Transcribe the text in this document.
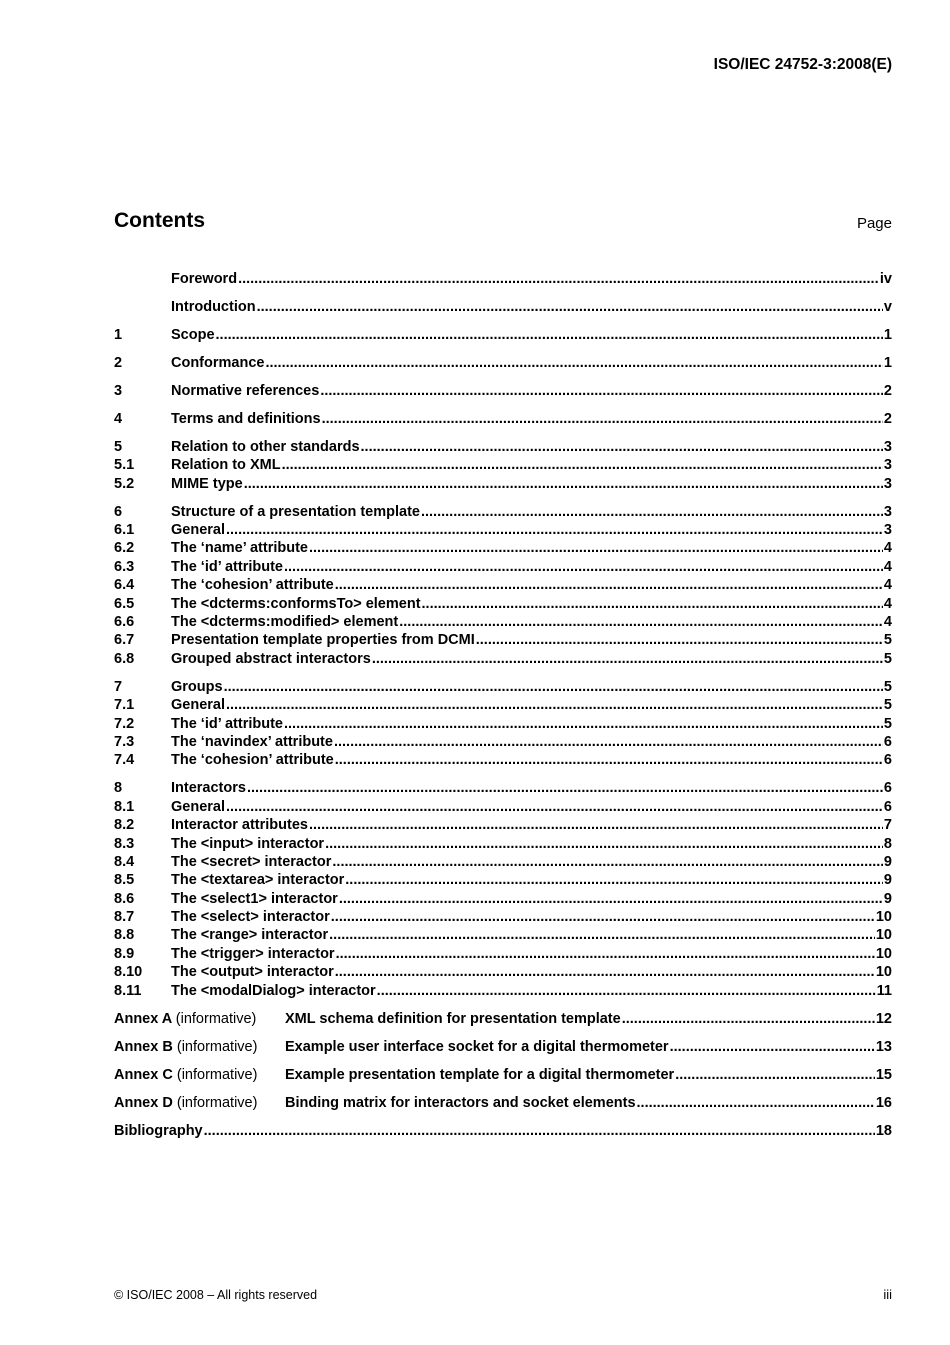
ISO/IEC 24752-3:2008(E)
Contents	Page
Foreword .....	iv
Introduction .....	v
1	Scope .....	1
2	Conformance .....	1
3	Normative references .....	2
4	Terms and definitions .....	2
5	Relation to other standards .....	3
5.1	Relation to XML .....	3
5.2	MIME type .....	3
6	Structure of a presentation template .....	3
6.1	General .....	3
6.2	The ‘name’ attribute .....	4
6.3	The ‘id’ attribute .....	4
6.4	The ‘cohesion’ attribute .....	4
6.5	The <dcterms:conformsTo> element .....	4
6.6	The <dcterms:modified> element .....	4
6.7	Presentation template properties from DCMI .....	5
6.8	Grouped abstract interactors .....	5
7	Groups .....	5
7.1	General .....	5
7.2	The ‘id’ attribute .....	5
7.3	The ‘navindex’ attribute .....	6
7.4	The ‘cohesion’ attribute .....	6
8	Interactors .....	6
8.1	General .....	6
8.2	Interactor attributes .....	7
8.3	The <input> interactor .....	8
8.4	The <secret> interactor .....	9
8.5	The <textarea> interactor .....	9
8.6	The <select1> interactor .....	9
8.7	The <select> interactor .....	10
8.8	The <range> interactor .....	10
8.9	The <trigger> interactor .....	10
8.10	The <output> interactor .....	10
8.11	The <modalDialog> interactor .....	11
Annex A (informative)	XML schema definition for presentation template .....	12
Annex B (informative)	Example user interface socket for a digital thermometer .....	13
Annex C (informative)	Example presentation template for a digital thermometer .....	15
Annex D (informative)	Binding matrix for interactors and socket elements .....	16
Bibliography .....	18
© ISO/IEC 2008 – All rights reserved	iii
